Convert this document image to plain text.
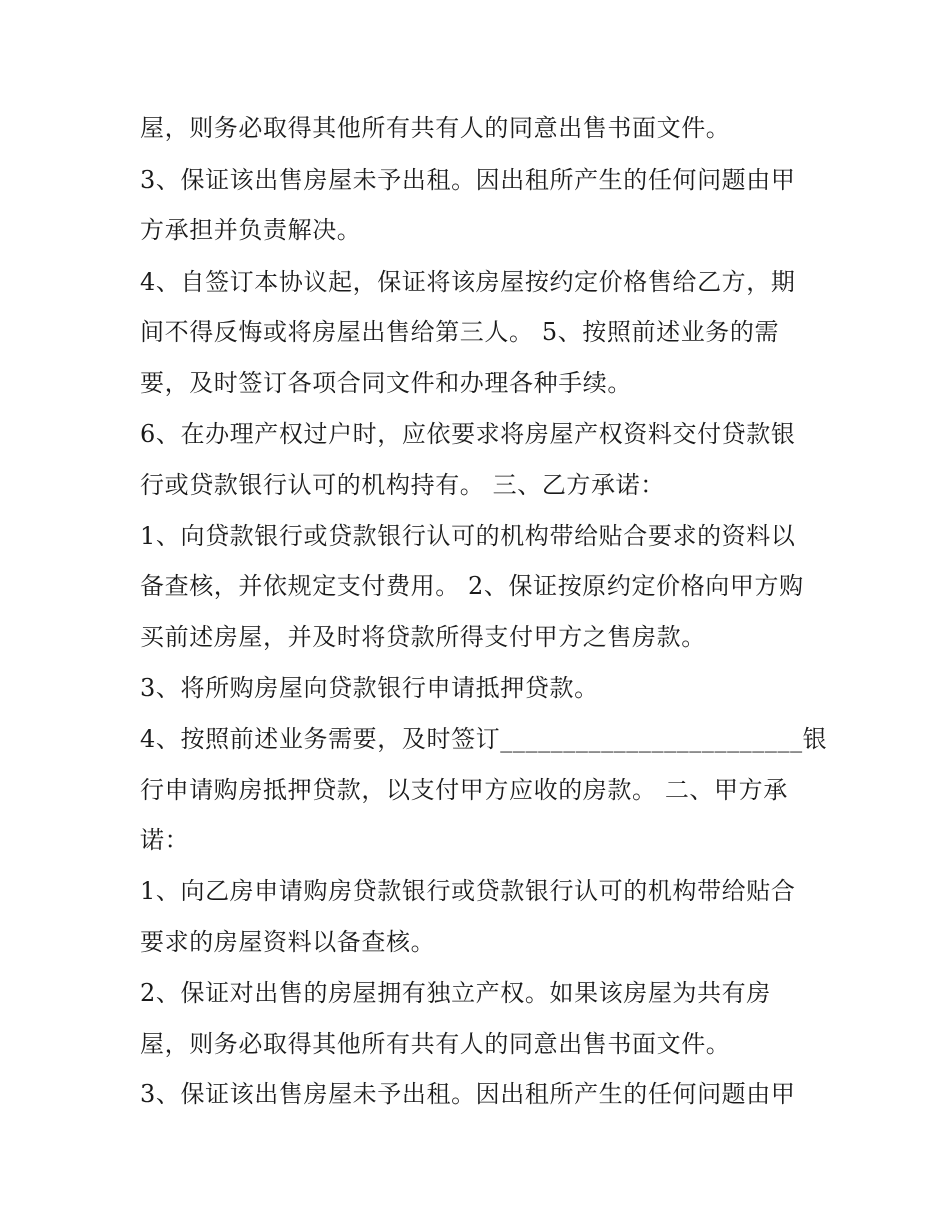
屋，则务必取得其他所有共有人的同意出售书面文件。
3、保证该出售房屋未予出租。因出租所产生的任何问题由甲
方承担并负责解决。
4、自签订本协议起，保证将该房屋按约定价格售给乙方，期
间不得反悔或将房屋出售给第三人。 5、按照前述业务的需
要，及时签订各项合同文件和办理各种手续。
6、在办理产权过户时，应依要求将房屋产权资料交付贷款银
行或贷款银行认可的机构持有。 三、乙方承诺：
1、向贷款银行或贷款银行认可的机构带给贴合要求的资料以
备查核，并依规定支付费用。 2、保证按原约定价格向甲方购
买前述房屋，并及时将贷款所得支付甲方之售房款。
3、将所购房屋向贷款银行申请抵押贷款。
4、按照前述业务需要，及时签订________________________银
行申请购房抵押贷款，以支付甲方应收的房款。 二、甲方承
诺：
1、向乙房申请购房贷款银行或贷款银行认可的机构带给贴合
要求的房屋资料以备查核。
2、保证对出售的房屋拥有独立产权。如果该房屋为共有房
屋，则务必取得其他所有共有人的同意出售书面文件。
3、保证该出售房屋未予出租。因出租所产生的任何问题由甲
